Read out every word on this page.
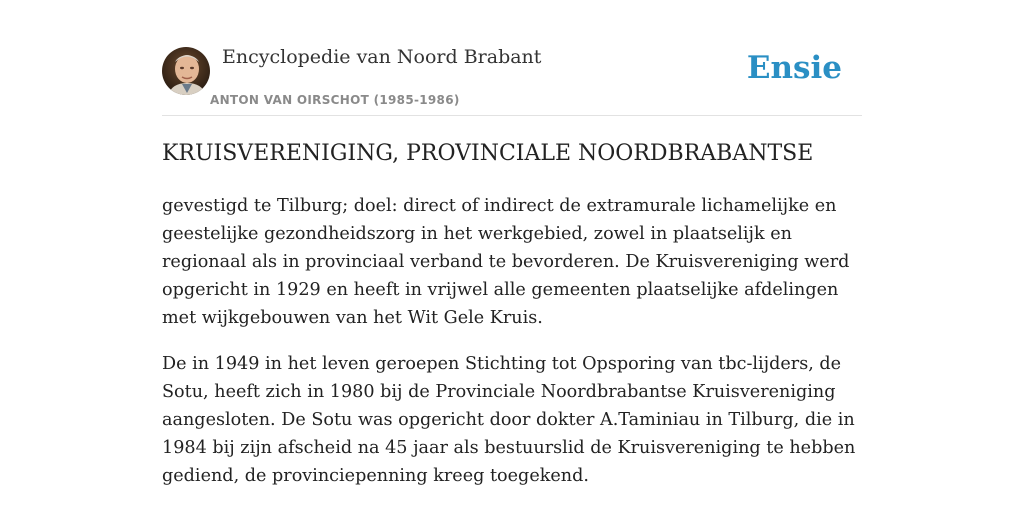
Encyclopedie van Noord Brabant
ANTON VAN OIRSCHOT (1985-1986)
Ensie
KRUISVERENIGING, PROVINCIALE NOORDBRABANTSE

gevestigd te Tilburg; doel: direct of indirect de extramurale lichamelijke en geestelijke gezondheidszorg in het werkgebied, zowel in plaatselijk en regionaal als in provinciaal verband te bevorderen. De Kruisvereniging werd opgericht in 1929 en heeft in vrijwel alle gemeenten plaatselijke afdelingen met wijkgebouwen van het Wit Gele Kruis.

De in 1949 in het leven geroepen Stichting tot Opsporing van tbc-lijders, de Sotu, heeft zich in 1980 bij de Provinciale Noordbrabantse Kruisvereniging aangesloten. De Sotu was opgericht door dokter A.Taminiau in Tilburg, die in 1984 bij zijn afscheid na 45 jaar als bestuurslid de Kruisvereniging te hebben gediend, de provinciepenning kreeg toegekend.
